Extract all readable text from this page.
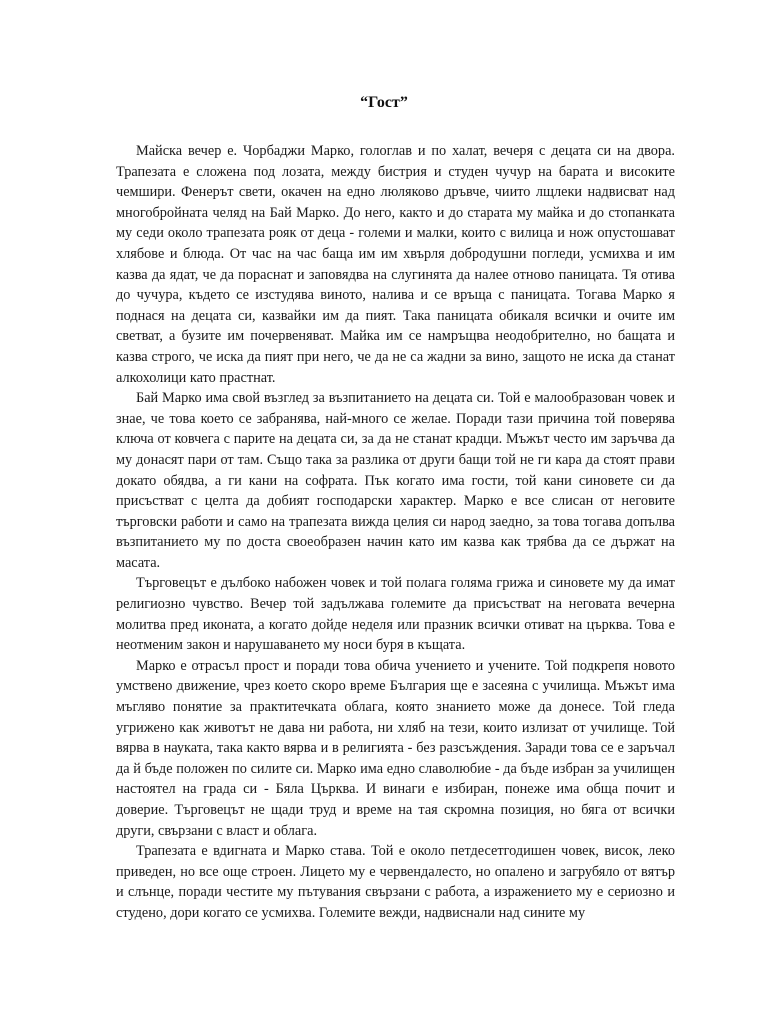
“Гост”

Майска вечер е. Чорбаджи Марко, гологлав и по халат, вечеря с децата си на двора. Трапезата е сложена под лозата, между бистрия и студен чучур на барата и високите чемшири. Фенерът свети, окачен на едно люляково дръвче, чиито лщлеки надвисват над многобройната челяд на Бай Марко. До него, както и до старата му майка и до стопанката му седи около трапезата рояк от деца - големи и малки, които с вилица и нож опустошават хлябове и блюда. От час на час баща им им хвърля добродушни погледи, усмихва и им казва да ядат, че да пораснат и заповядва на слугинята да налее отново паницата. Тя отива до чучура, където се изстудява виното, налива и се връща с паницата. Тогава Марко я поднася на децата си, казвайки им да пият. Така паницата обикаля всички и очите им светват, а бузите им почервеняват. Майка им се намръщва неодобрително, но бащата и казва строго, че иска да пият при него, че да не са жадни за вино, защото не иска да станат алкохолици като прастнат.

Бай Марко има свой възглед за възпитанието на децата си. Той е малообразован човек и знае, че това което се забранява, най-много се желае. Поради тази причина той поверява ключа от ковчега с парите на децата си, за да не станат крадци. Мъжът често им заръчва да му донасят пари от там. Също така за разлика от други бащи той не ги кара да стоят прави докато обядва, а ги кани на софрата. Пък когато има гости, той кани синовете си да присъстват с целта да добият господарски характер. Марко е все слисан от неговите търговски работи и само на трапезата вижда целия си народ заедно, за това тогава допълва възпитанието му по доста своеобразен начин като им казва как трябва да се държат на масата.

Търговецът е дълбоко набожен човек и той полага голяма грижа и синовете му да имат религиозно чувство. Вечер той задължава големите да присъстват на неговата вечерна молитва пред иконата, а когато дойде неделя или празник всички отиват на църква. Това е неотменим закон и нарушаването му носи буря в къщата.

Марко е отрасъл прост и поради това обича учението и учените. Той подкрепя новото умствено движение, чрез което скоро време България ще е засеяна с училища. Мъжът има мъгляво понятие за практитечката облага, която знанието може да донесе. Той гледа угрижено как животът не дава ни работа, ни хляб на тези, които излизат от училище. Той вярва в науката, така както вярва и в религията - без разсъждения. Заради това се е заръчал да й бъде положен по силите си. Марко има едно славолюбие - да бъде избран за училищен настоятел на града си - Бяла Църква. И винаги е избиран, понеже има обща почит и доверие. Търговецът не щади труд и време на тая скромна позиция, но бяга от всички други, свързани с власт и облага.

Трапезата е вдигната и Марко става. Той е около петдесетгодишен човек, висок, леко приведен, но все още строен. Лицето му е червендалесто, но опалено и загрубяло от вятър и слънце, поради честите му пътувания свързани с работа, а изражението му е сериозно и студено, дори когато се усмихва. Големите вежди, надвиснали над сините му
